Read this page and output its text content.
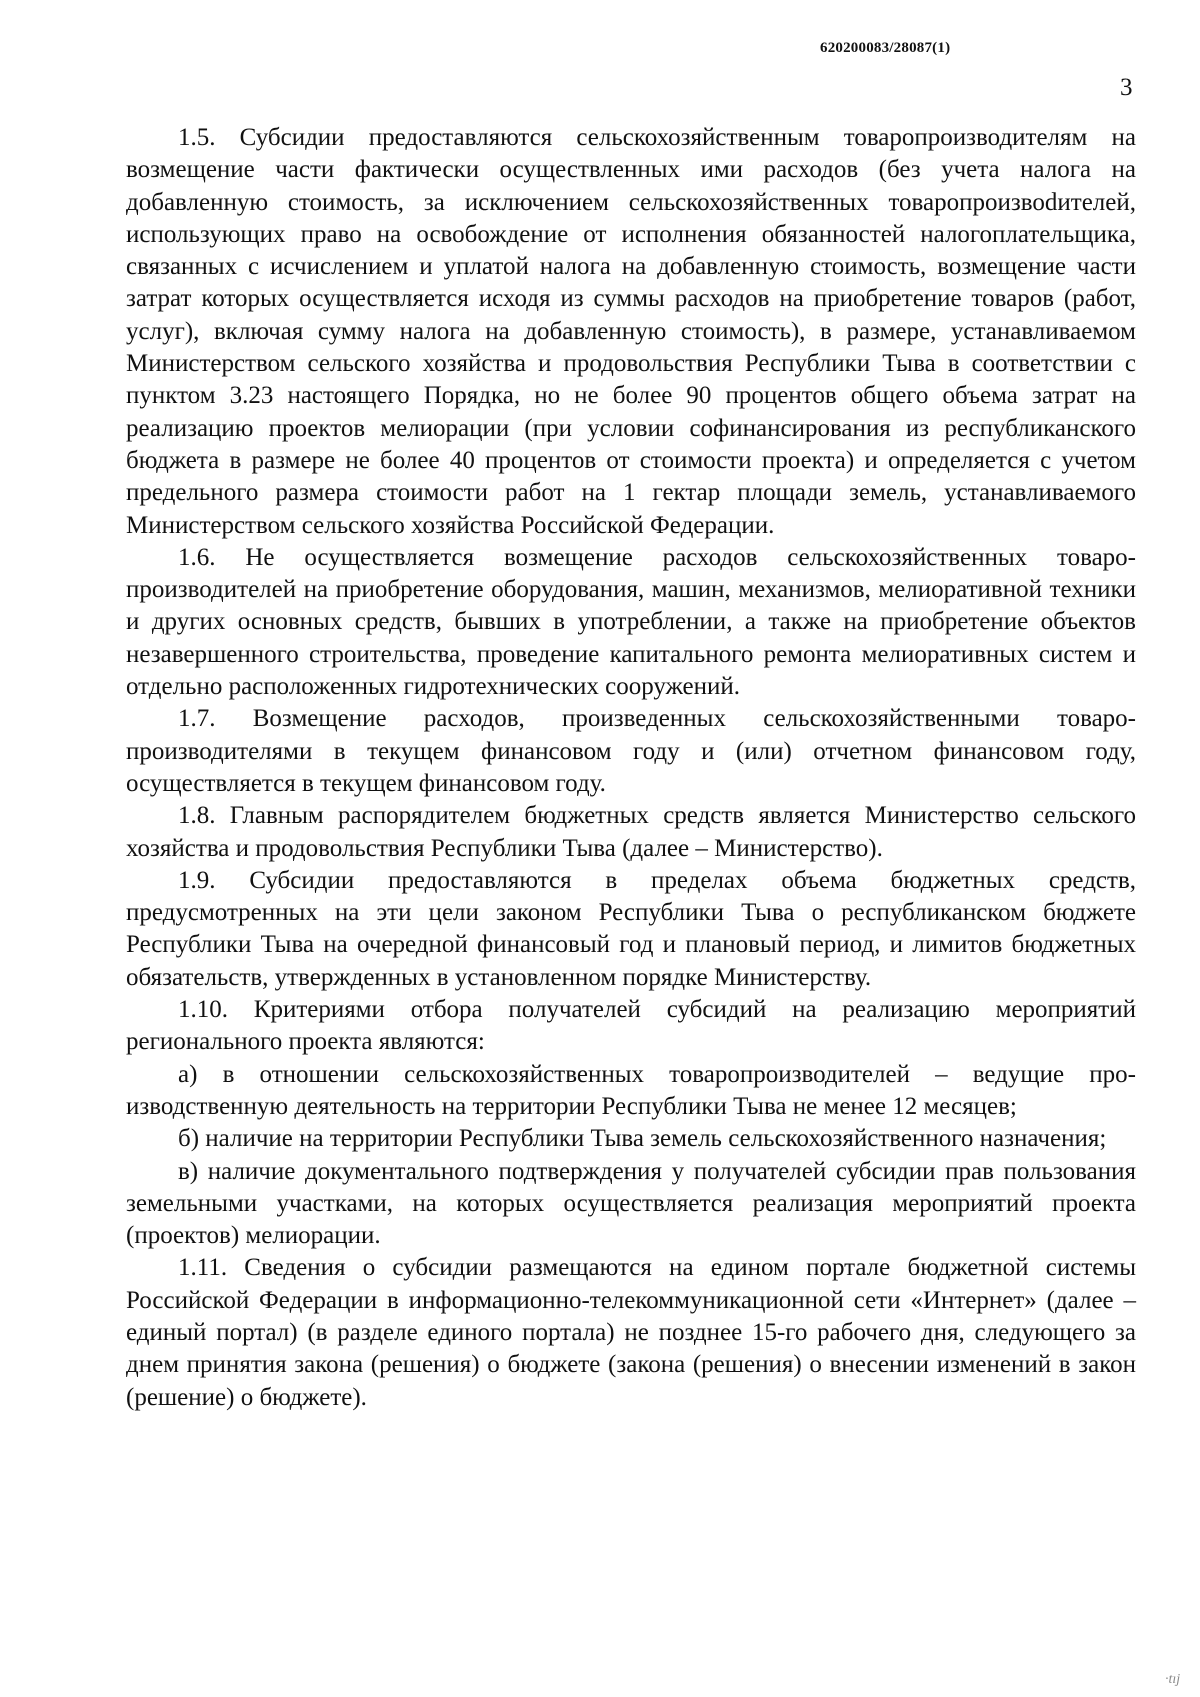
620200083/28087(1)
3

1.5. Субсидии предоставляются сельскохозяйственным товаропроизводителям на возмещение части фактически осуществленных ими расходов (без учета налога на добавленную стоимость, за исключением сельскохозяйственных товаропроизвоdителей, использующих право на освобождение от исполнения обязанностей налогоплательщика, связанных с исчислением и уплатой налога на добавленную стоимость, возмещение части затрат которых осуществляется исходя из суммы расходов на приобретение товаров (работ, услуг), включая сумму налога на добавленную стоимость), в размере, устанавливаемом Министерством сельского хозяйства и продовольствия Республики Тыва в соответствии с пунктом 3.23 настоящего Порядка, но не более 90 процентов общего объема затрат на реализацию проектов мелиорации (при условии софинансирования из республиканского бюджета в размере не более 40 процентов от стоимости проекта) и определяется с учетом предельного размера стоимости работ на 1 гектар площади земель, устанавливаемого Министерством сельского хозяйства Российской Федерации.

1.6. Не осуществляется возмещение расходов сельскохозяйственных товаропроизводителей на приобретение оборудования, машин, механизмов, мелиоративной техники и других основных средств, бывших в употреблении, а также на приобретение объектов незавершенного строительства, проведение капитального ремонта мелиоративных систем и отдельно расположенных гидротехнических сооружений.

1.7. Возмещение расходов, произведенных сельскохозяйственными товаропроизводителями в текущем финансовом году и (или) отчетном финансовом году, осуществляется в текущем финансовом году.

1.8. Главным распорядителем бюджетных средств является Министерство сельского хозяйства и продовольствия Республики Тыва (далее – Министерство).

1.9. Субсидии предоставляются в пределах объема бюджетных средств, предусмотренных на эти цели законом Республики Тыва о республиканском бюджете Республики Тыва на очередной финансовый год и плановый период, и лимитов бюджетных обязательств, утвержденных в установленном порядке Министерству.

1.10. Критериями отбора получателей субсидий на реализацию мероприятий регионального проекта являются:

а) в отношении сельскохозяйственных товаропроизводителей – ведущие производственную деятельность на территории Республики Тыва не менее 12 месяцев;

б) наличие на территории Республики Тыва земель сельскохозяйственного назначения;

в) наличие документального подтверждения у получателей субсидии прав пользования земельными участками, на которых осуществляется реализация мероприятий проекта (проектов) мелиорации.

1.11. Сведения о субсидии размещаются на едином портале бюджетной системы Российской Федерации в информационно-телекоммуникационной сети «Интернет» (далее – единый портал) (в разделе единого портала) не позднее 15-го рабочего дня, следующего за днем принятия закона (решения) о бюджете (закона (решения) о внесении изменений в закон (решение) о бюджете).

·tıj
